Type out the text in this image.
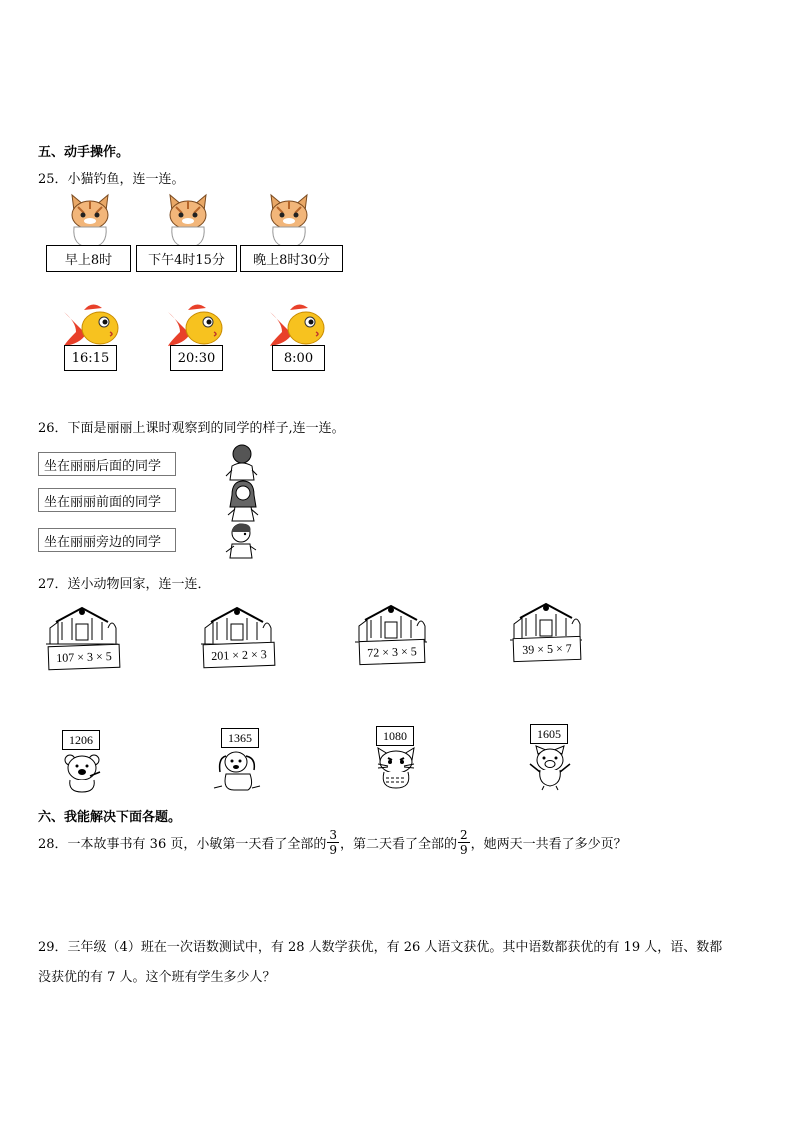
五、动手操作。
25．小猫钓鱼，连一连。
早上8时	下午4时15分	晚上8时30分
16:15	20:30	8:00
26．下面是丽丽上课时观察到的同学的样子,连一连。
坐在丽丽后面的同学
坐在丽丽前面的同学
坐在丽丽旁边的同学
27．送小动物回家，连一连．
107 × 3 × 5	201 × 2 × 3	72 × 3 × 5	39 × 5 × 7
1206	1365	1080	1605
六、我能解决下面各题。
28．一本故事书有 36 页，小敏第一天看了全部的 $\frac{3}{9}$ ，第二天看了全部的 $\frac{2}{9}$ ，她两天一共看了多少页？
29．三年级（4）班在一次语数测试中，有 28 人数学获优，有 26 人语文获优。其中语数都获优的有 19 人，语、数都
没获优的有 7 人。这个班有学生多少人？
